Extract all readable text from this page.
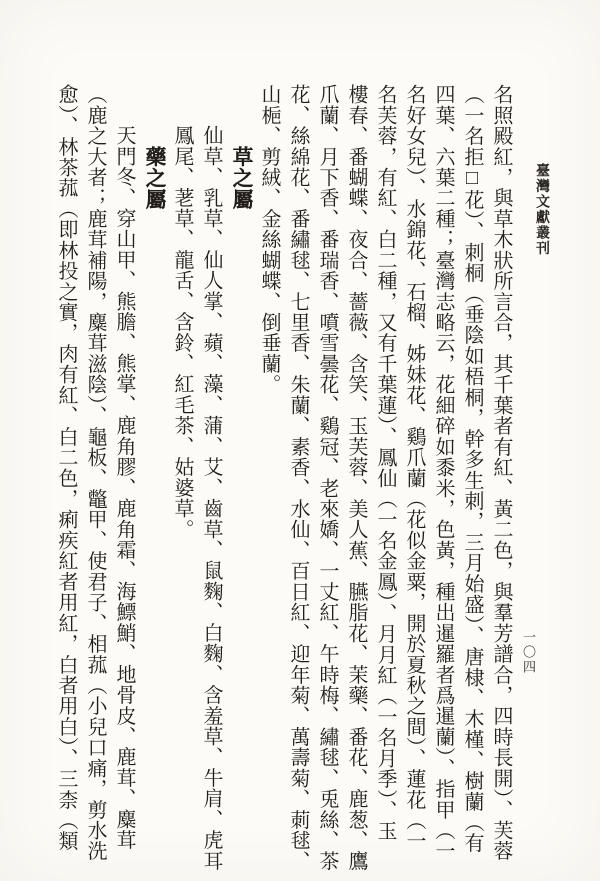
臺灣文獻叢刊
一〇四
名照殿紅，與草木狀所言合，其千葉者有紅、黃二色，與羣芳譜合，四時長開）、芙蓉
（一名拒□花）、刺桐（垂陰如梧桐，幹多生刺，三月始盛）、唐棣、木槿、樹蘭（有
四葉、六葉二種；臺灣志略云，花細碎如黍米，色黃，種出暹羅者爲暹蘭）、指甲（一
名好女兒）、水錦花、石榴、姊妹花、鷄爪蘭（花似金粟，開於夏秋之間）、蓮花（一
名芙蓉，有紅、白二種，又有千葉蓮）、鳳仙（一名金鳳）、月月紅（一名月季）、玉
樓春、番蝴蝶、夜合、薔薇、含笑、玉芙蓉、美人蕉、臙脂花、茉藥、番花、鹿葱、鷹
爪蘭、月下香、番瑞香、噴雪曇花、鷄冠、老來嬌、一丈紅、午時梅、繡毬、兎絲、茶
花、絲綿花、番繡毬、七里香、朱蘭、素香、水仙、百日紅、迎年菊、萬壽菊、莿毬、
山梔、剪絨、金絲蝴蝶、倒垂蘭。
草之屬
仙草、乳草、仙人掌、蘋、藻、蒲、艾、齒草、鼠麴、白麴、含羞草、牛肩、虎耳
鳳尾、荖草、龍舌、含鈴、紅毛茶、姑婆草。
藥之屬
天門冬、穿山甲、熊膽、熊掌、鹿角膠、鹿角霜、海鰾鮹、地骨皮、鹿茸、麋茸
（鹿之大者；鹿茸補陽，麋茸滋陰）、龜板、鼈甲、使君子、相菰（小兒口痛，剪水洗
愈）、林茶菰（即林投之實，肉有紅、白二色，痢疾紅者用紅，白者用白）、三柰（類
